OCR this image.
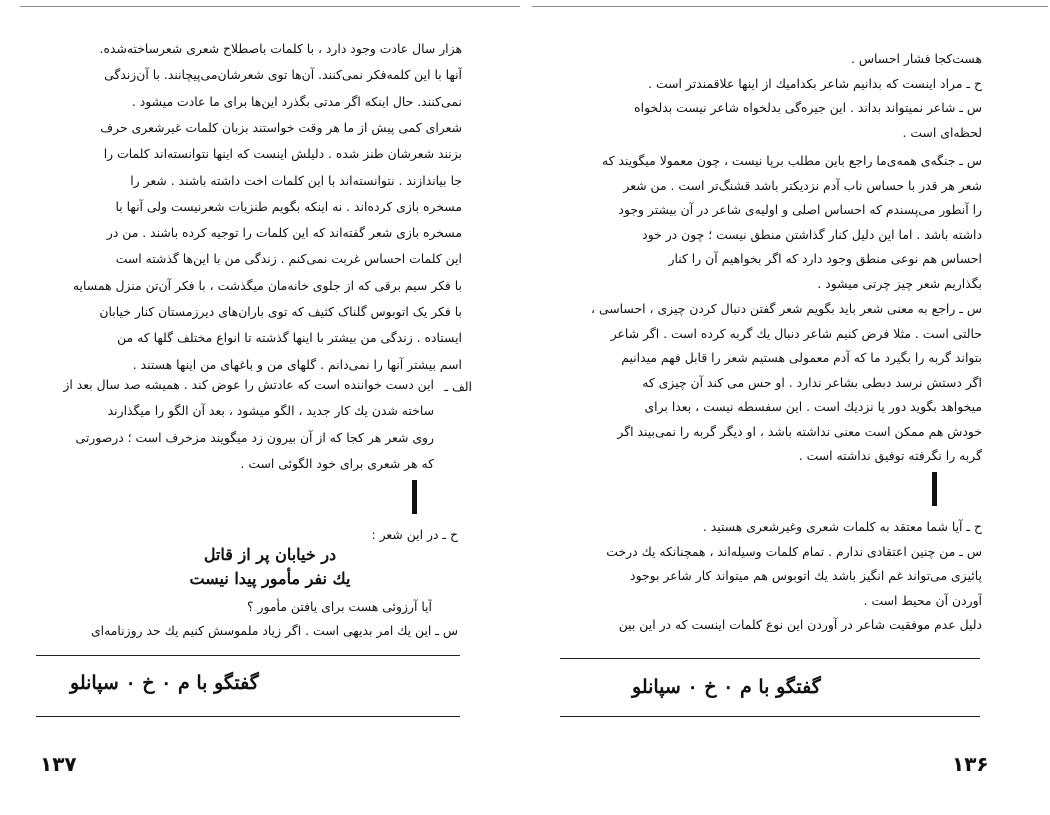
هزار سال عادت وجود دارد ، با کلمات باصطلاح شعری شعرساخته‌شده.
آنها با این کلمه‌فکر نمی‌کنند. آن‌ها توی شعرشان‌می‌پیچانند. با آن‌زندگی
نمی‌کنند. حال اینکه اگر مدتی بگذرد این‌ها برای ما عادت میشود .
شعرای کمی پیش از ما هر وقت خواستند بزبان کلمات غیرشعری حرف
بزنند شعرشان طنز شده . دلیلش اینست که اینها نتوانسته‌اند کلمات را
جا بیاندازند . نتوانسته‌اند با این کلمات اخت داشته باشند . شعر را
مسخره بازی کرده‌اند . نه اینکه بگویم طنزیات شعرنیست ولی آنها با
مسخره بازی شعر گفته‌اند که این کلمات را توجیه کرده باشند . من در
این کلمات احساس غربت نمی‌کنم . زندگی من با این‌ها گذشته است
با فکر سیم برقی که از جلوی خانه‌مان میگذشت ، با فکر آن‌تن منزل همسایه
با فکر یک اتوبوس گلناک کثیف که توی باران‌های دیرزمستان کنار خیابان
ایستاده . زندگی من بیشتر با اینها گذشته تا انواع مختلف گلها که من
اسم بیشتر آنها را نمی‌دانم . گلهای من و باغهای من اینها هستند .
این دست خواننده است که عادتش را عوض کند . همیشه صد سال بعد از
ساخته شدن یك کار جدید ، الگو میشود ، بعد آن الگو را میگذارند
روی شعر هر کجا که از آن بیرون زد میگویند مزخرف است ؛ درصورتی
که هر شعری برای خود الگوئی است .
الف ـ
ح ـ در این شعر :
در خیابان پر از قاتل
یك نفر مأمور پیدا نیست
آیا آرزوئی هست برای یافتن مأمور ؟
س ـ این یك امر بدیهی است . اگر زیاد ملموسش کنیم یك حد روزنامه‌ای
گفتگو با م ٠ خ ٠ سپانلو
۱۳۷
هست‌کجا فشار احساس .
ح ـ مراد اینست که بدانیم شاعر بکدامیك از اینها علاقمندتر است .
س ـ شاعر نمیتواند بداند . این جیره‌گی بدلخواه شاعر نیست بدلخواه
لحظه‌ای است .
س ـ جنگه‌ی همه‌ی‌ما راجع باین مطلب برپا نیست ، چون معمولا میگویند که
شعر هر قدر با حساس ناب آدم نزدیکتر باشد قشنگ‌تر است . من شعر
را آنطور می‌پسندم که احساس اصلی و اولیه‌ی شاعر در آن بیشتر وجود
داشته باشد . اما این دلیل کنار گذاشتن منطق نیست ؛ چون در خود
احساس هم نوعی منطق وجود دارد که اگر بخواهیم آن را کنار
بگذاریم شعر چیز چرتی میشود .
س ـ راجع به معنی شعر باید بگویم شعر گفتن دنبال کردن چیزی ، احساسی ،
حالتی است . مثلا فرض کنیم شاعر دنبال یك گربه کرده است . اگر شاعر
بتواند گربه را بگیرد ما که آدم معمولی هستیم شعر را قابل فهم میدانیم
اگر دستش نرسد دبطی بشاعر ندارد . او حس می کند آن چیزی که
میخواهد بگوید دور یا نزدیك است . این سفسطه نیست ، بعدا برای
خودش هم ممکن است معنی نداشته باشد ، او دیگر گربه را نمی‌بیند اگر
گربه را نگرفته توفیق نداشته است .
ح ـ آیا شما معتقد به کلمات شعری وغیرشعری هستید .
س ـ من چنین اعتقادی ندارم . تمام کلمات وسیله‌اند ، همچنانکه یك درخت
پائیزی می‌تواند غم انگیز باشد یك اتوبوس هم میتواند کار شاعر بوجود
آوردن آن محیط است .
دلیل عدم موفقیت شاعر در آوردن این نوع کلمات اینست که در این بین
گفتگو با م ٠ خ ٠ سپانلو
۱۳۶
